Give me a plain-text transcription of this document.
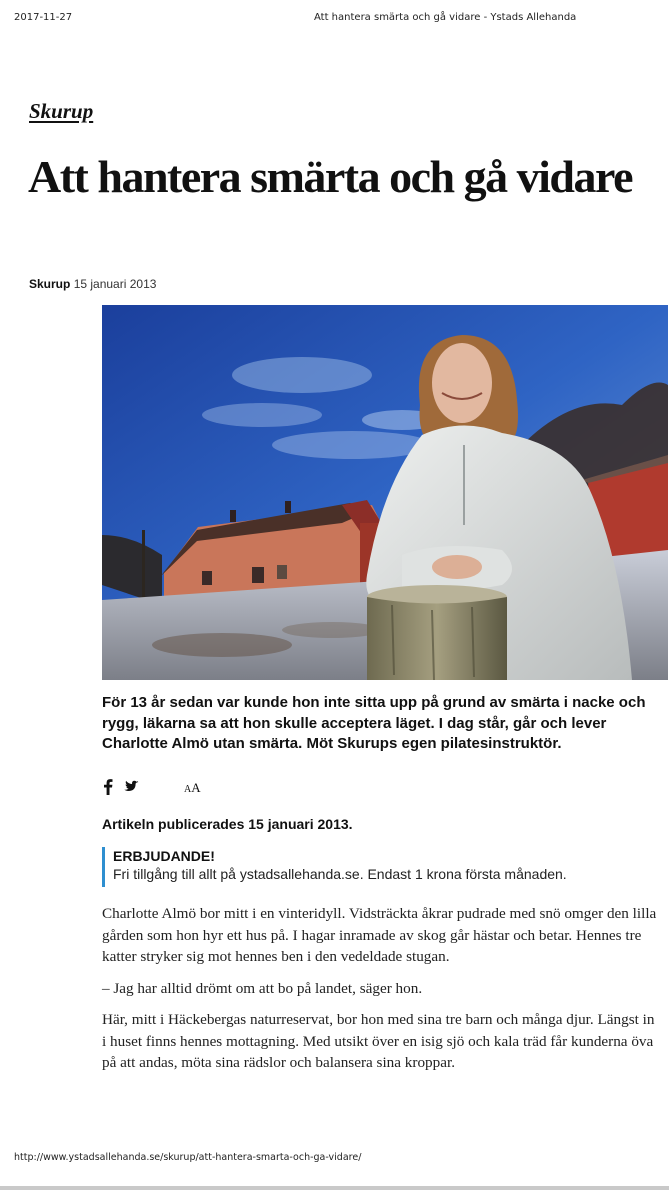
2017-11-27	Att hantera smärta och gå vidare - Ystads Allehanda
Skurup
Att hantera smärta och gå vidare
Skurup 15 januari 2013

För 13 år sedan var kunde hon inte sitta upp på grund av smärta i nacke och rygg, läkarna sa att hon skulle acceptera läget. I dag står, går och lever Charlotte Almö utan smärta. Möt Skurups egen pilatesinstruktör.

AA

Artikeln publicerades 15 januari 2013.

ERBJUDANDE!
Fri tillgång till allt på ystadsallehanda.se. Endast 1 krona första månaden.

Charlotte Almö bor mitt i en vinteridyll. Vidsträckta åkrar pudrade med snö omger den lilla gården som hon hyr ett hus på. I hagar inramade av skog går hästar och betar. Hennes tre katter stryker sig mot hennes ben i den vedeldade stugan.

– Jag har alltid drömt om att bo på landet, säger hon.

Här, mitt i Häckebergas naturreservat, bor hon med sina tre barn och många djur. Längst in i huset finns hennes mottagning. Med utsikt över en isig sjö och kala träd får kunderna öva på att andas, möta sina rädslor och balansera sina kroppar.

http://www.ystadsallehanda.se/skurup/att-hantera-smarta-och-ga-vidare/
